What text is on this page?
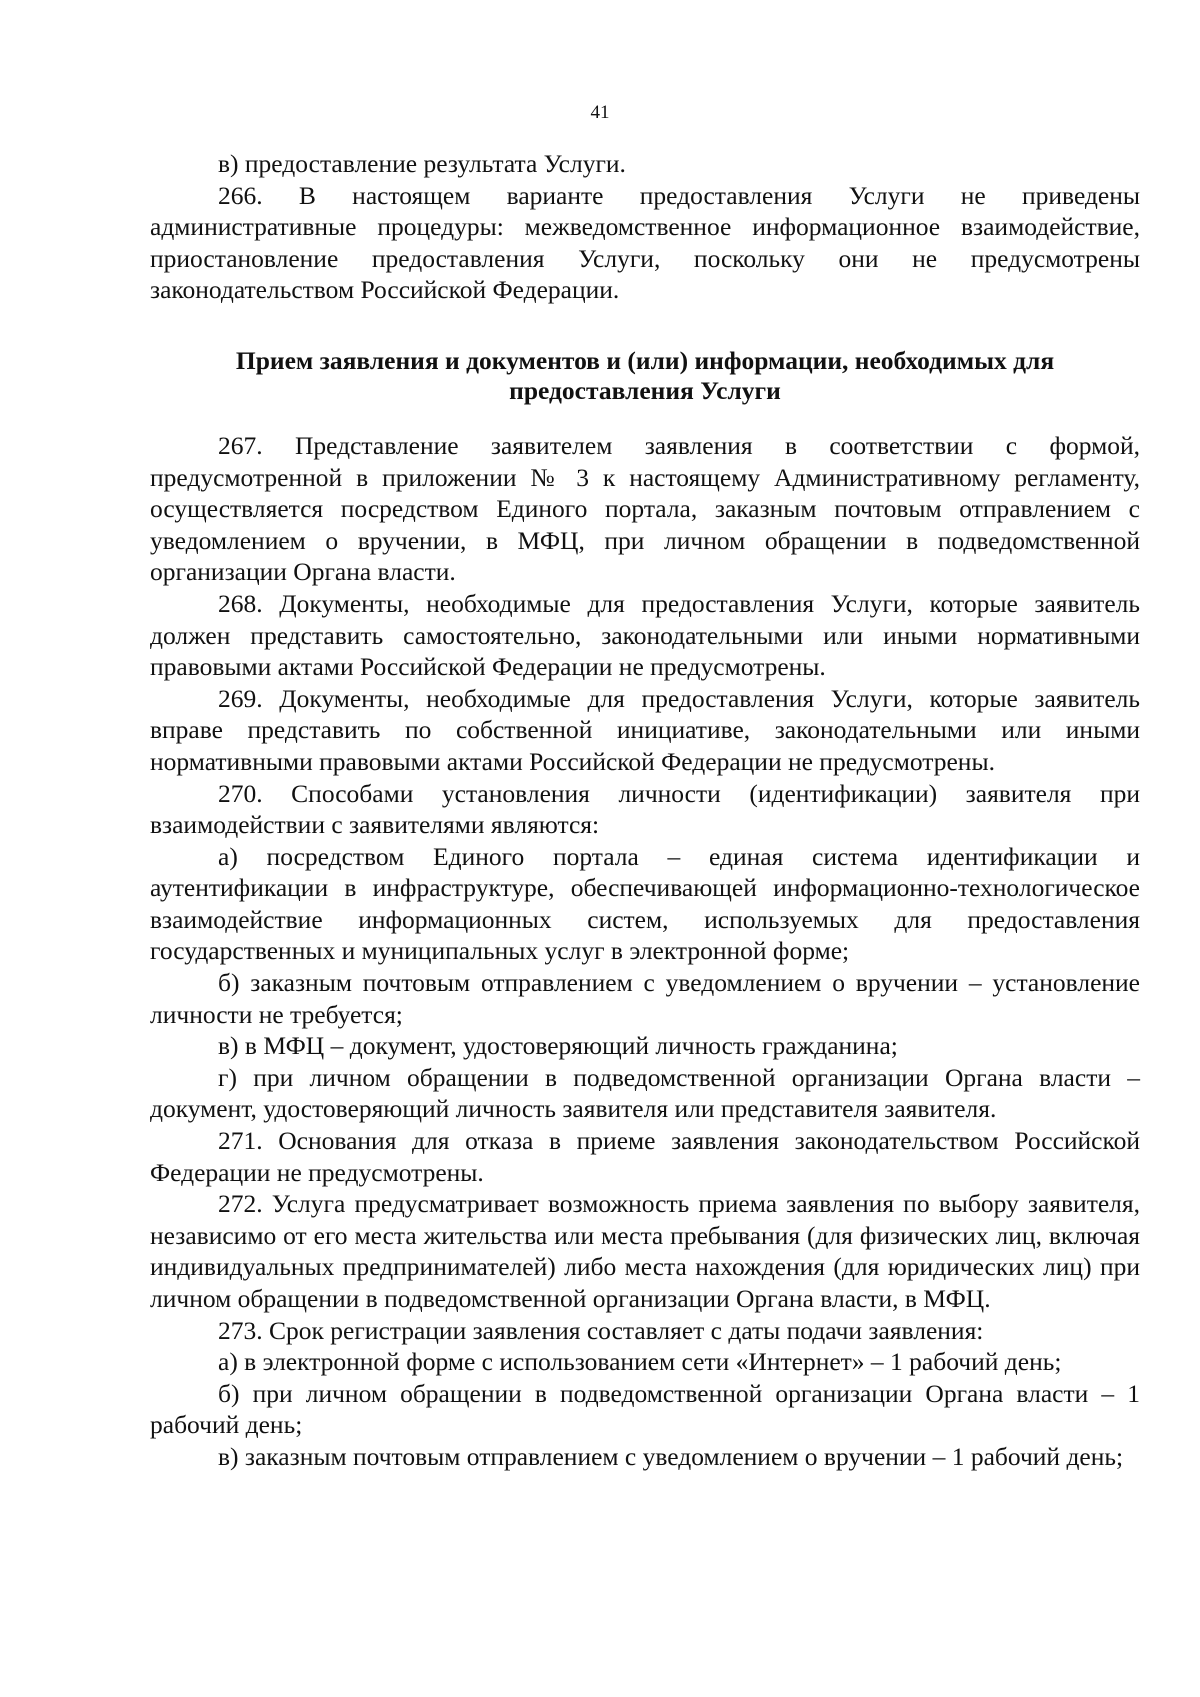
41

в) предоставление результата Услуги.

266. В настоящем варианте предоставления Услуги не приведены административные процедуры: межведомственное информационное взаимодействие, приостановление предоставления Услуги, поскольку они не предусмотрены законодательством Российской Федерации.

Прием заявления и документов и (или) информации, необходимых для предоставления Услуги

267. Представление заявителем заявления в соответствии с формой, предусмотренной в приложении № 3 к настоящему Административному регламенту, осуществляется посредством Единого портала, заказным почтовым отправлением с уведомлением о вручении, в МФЦ, при личном обращении в подведомственной организации Органа власти.

268. Документы, необходимые для предоставления Услуги, которые заявитель должен представить самостоятельно, законодательными или иными нормативными правовыми актами Российской Федерации не предусмотрены.

269. Документы, необходимые для предоставления Услуги, которые заявитель вправе представить по собственной инициативе, законодательными или иными нормативными правовыми актами Российской Федерации не предусмотрены.

270. Способами установления личности (идентификации) заявителя при взаимодействии с заявителями являются:

а) посредством Единого портала – единая система идентификации и аутентификации в инфраструктуре, обеспечивающей информационно-технологическое взаимодействие информационных систем, используемых для предоставления государственных и муниципальных услуг в электронной форме;

б) заказным почтовым отправлением с уведомлением о вручении – установление личности не требуется;

в) в МФЦ – документ, удостоверяющий личность гражданина;

г) при личном обращении в подведомственной организации Органа власти – документ, удостоверяющий личность заявителя или представителя заявителя.

271. Основания для отказа в приеме заявления законодательством Российской Федерации не предусмотрены.

272. Услуга предусматривает возможность приема заявления по выбору заявителя, независимо от его места жительства или места пребывания (для физических лиц, включая индивидуальных предпринимателей) либо места нахождения (для юридических лиц) при личном обращении в подведомственной организации Органа власти, в МФЦ.

273. Срок регистрации заявления составляет с даты подачи заявления:

а) в электронной форме с использованием сети «Интернет» – 1 рабочий день;

б) при личном обращении в подведомственной организации Органа власти – 1 рабочий день;

в) заказным почтовым отправлением с уведомлением о вручении – 1 рабочий день;
